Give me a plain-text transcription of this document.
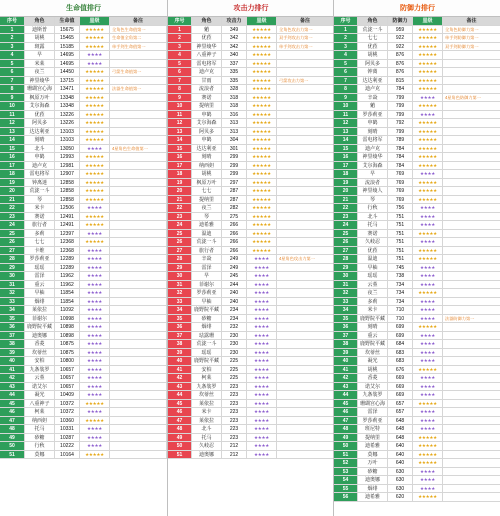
生命值排行
序号	角色	生命值	星级	备注
1	迪斯普	15675	★★★★★	全角色生命值第一
2	胡桃	15465	★★★★★	生命值全角第二
3	斑露	15185	★★★★★	单手剑生命值第一
4	早	14695	★★★★
5	米莱	14695	★★★★
6	夜兰	14450	★★★★★	弓箭生命值第一
7	神里绫华	13715	★★★★★
8	珊瑚宫心海	13471	★★★★★	法器生命值第一
9	枫原万叶	13348	★★★★★
10	艾尔海森	13348	★★★★★
11	优菈	13226	★★★★★
12	阿贝多	13226	★★★★★
13	达达利亚	13103	★★★★★
14	刻晴	13103	★★★★★
15	北斗	13050	★★★★	4星角色生命值第一
16	申鹤	12993	★★★★★
17	迪卢克	12981	★★★★★
18	雷电将军	12907	★★★★★
19	钟离迷	12858	★★★★★
20	荒泷一斗	12858	★★★★★
21	琴	12858	★★★★★
22	米卡	12506	★★★★
23	赛诺	12491	★★★★★
24	旅行者	12491	★★★★★
25	多莉	12397	★★★★
26	七七	12368	★★★★★
27	卡维	12368	★★★★
28	罗莎莉亚	12289	★★★★
29	瑶瑶	12289	★★★★
30	雷泽	11962	★★★★
31	重云	11962	★★★★
32	早柚	11854	★★★★
33	烟绯	11854	★★★★
34	莱依拉	11092	★★★★
35	菲谢尔	10998	★★★★
36	鹿野院平藏	10898	★★★★
37	迪奥娜	10898	★★★★
38	香菱	10875	★★★★
39	坎蒂丝	10875	★★★★
40	安柏	10800	★★★★
41	九条裟罗	10657	★★★★
42	云堇	10657	★★★★
43	诺艾尔	10657	★★★★
44	凝光	10409	★★★★
45	八重神子	10372	★★★★★
46	柯莱	10372	★★★★
47	纳西妲	10360	★★★★★
48	托马	10331	★★★★
49	砂糖	10287	★★★★
50	行秋	10222	★★★★
51	莫娜	10164	★★★★★
攻击力排行
序号	角色	攻击力	星级	备注
1	魈	349	★★★★★	全角色攻击力第一
2	优菈	342	★★★★★	双手剑攻击力第一
3	神里绫华	342	★★★★★	单手剑攻击力第一
4	八重神子	340	★★★★★
5	雷电将军	337	★★★★★
6	迪卢克	335	★★★★★
7	甘雨	335	★★★★★	弓箭攻击力第一
8	流浪者	328	★★★★★
9	赛诺	318	★★★★★
10	提纳里	318	★★★★★
11	申鹤	316	★★★★★
12	艾尔海森	313	★★★★★
13	阿贝多	313	★★★★★
14	申鹤	304	★★★★★
15	达达利亚	301	★★★★★
16	刻晴	299	★★★★★
17	纳西妲	299	★★★★★
18	胡桃	299	★★★★★
19	枫原万叶	297	★★★★★
20	七七	287	★★★★★
21	提纳里	287	★★★★★
22	夜兰	282	★★★★★
23	琴	275	★★★★★
24	迪希雅	266	★★★★★
25	温迪	266	★★★★★
26	荒泷一斗	266	★★★★★
27	旅行者	266	★★★★★
28	辛焱	249	★★★★	4星角色攻击力第一
29	雷泽	249	★★★★
30	早	245	★★★★
31	菲谢尔	244	★★★★
32	罗莎莉亚	240	★★★★
33	早柚	240	★★★★
34	鹿野院平藏	234	★★★★
35	砂糖	234	★★★★
36	烟绯	232	★★★★
37	珐露珊	230	★★★★
38	荒泷一斗	230	★★★★
39	瑶瑶	230	★★★★
40	鹿野院平藏	225	★★★★
41	安柏	225	★★★★
42	柯莱	225	★★★★
43	九条裟罗	223	★★★★
44	坎蒂丝	223	★★★★
45	莱依拉	223	★★★★
46	米卡	223	★★★★
47	莱依拉	223	★★★★
48	北斗	223	★★★★
49	托马	223	★★★★
50	久岐忍	212	★★★★
51	迪奥娜	212	★★★★
防御力排行
序号	角色	防御力	星级	备注
1	荒泷一斗	959	★★★★★	全角色防御力第一
2	七七	922	★★★★★	单手剑防御力第一
3	优菈	922	★★★★★	双手剑防御力第一
4	胡桃	876	★★★★★
5	阿贝多	876	★★★★★
6	钟离	876	★★★★★
7	达达利亚	815	★★★★★
8	迪卢克	784	★★★★★
9	辛焱	799	★★★★	4星角色防御力第一
10	魈	799	★★★★★
11	罗莎莉亚	799	★★★★
12	申鹤	792	★★★★★
13	刻晴	799	★★★★★
14	雷电将军	789	★★★★★
15	迪卢克	784	★★★★★
16	神里绫华	784	★★★★★
17	艾尔海森	784	★★★★★
18	早	769	★★★★
19	流浪者	769	★★★★★
20	神里绫人	769	★★★★★
21	琴	769	★★★★★
22	行秋	756	★★★★
23	北斗	751	★★★★
24	托马	751	★★★★
25	赛诺	751	★★★★★
26	久岐忍	751	★★★★
27	优菈	751	★★★★★
28	温迪	751	★★★★★
29	早柚	745	★★★★
30	瑶瑶	738	★★★★
31	云堇	734	★★★★
32	夜兰	734	★★★★★
33	多莉	734	★★★★
34	米卡	710	★★★★
35	鹿野院平藏	710	★★★★	法器防御力第一
36	刻晴	699	★★★★★
37	重云	699	★★★★
38	鹿野院平藏	684	★★★★
39	坎蒂丝	683	★★★★
40	凝光	683	★★★★
41	胡桃	676	★★★★★
42	香菱	669	★★★★
43	诺艾尔	669	★★★★
44	九条裟罗	669	★★★★
45	珊瑚宫心海	657	★★★★★
46	雷泽	657	★★★★
47	罗莎莉亚	648	★★★★
48	班尼特	648	★★★★
49	提纳里	648	★★★★★
50	迪希雅	640	★★★★★
51	莫娜	640	★★★★★
52	万叶	640	★★★★★
53	砂糖	630	★★★★
54	迪奥娜	630	★★★★
55	烟绯	630	★★★★
56	迪希雅	620	★★★★★
